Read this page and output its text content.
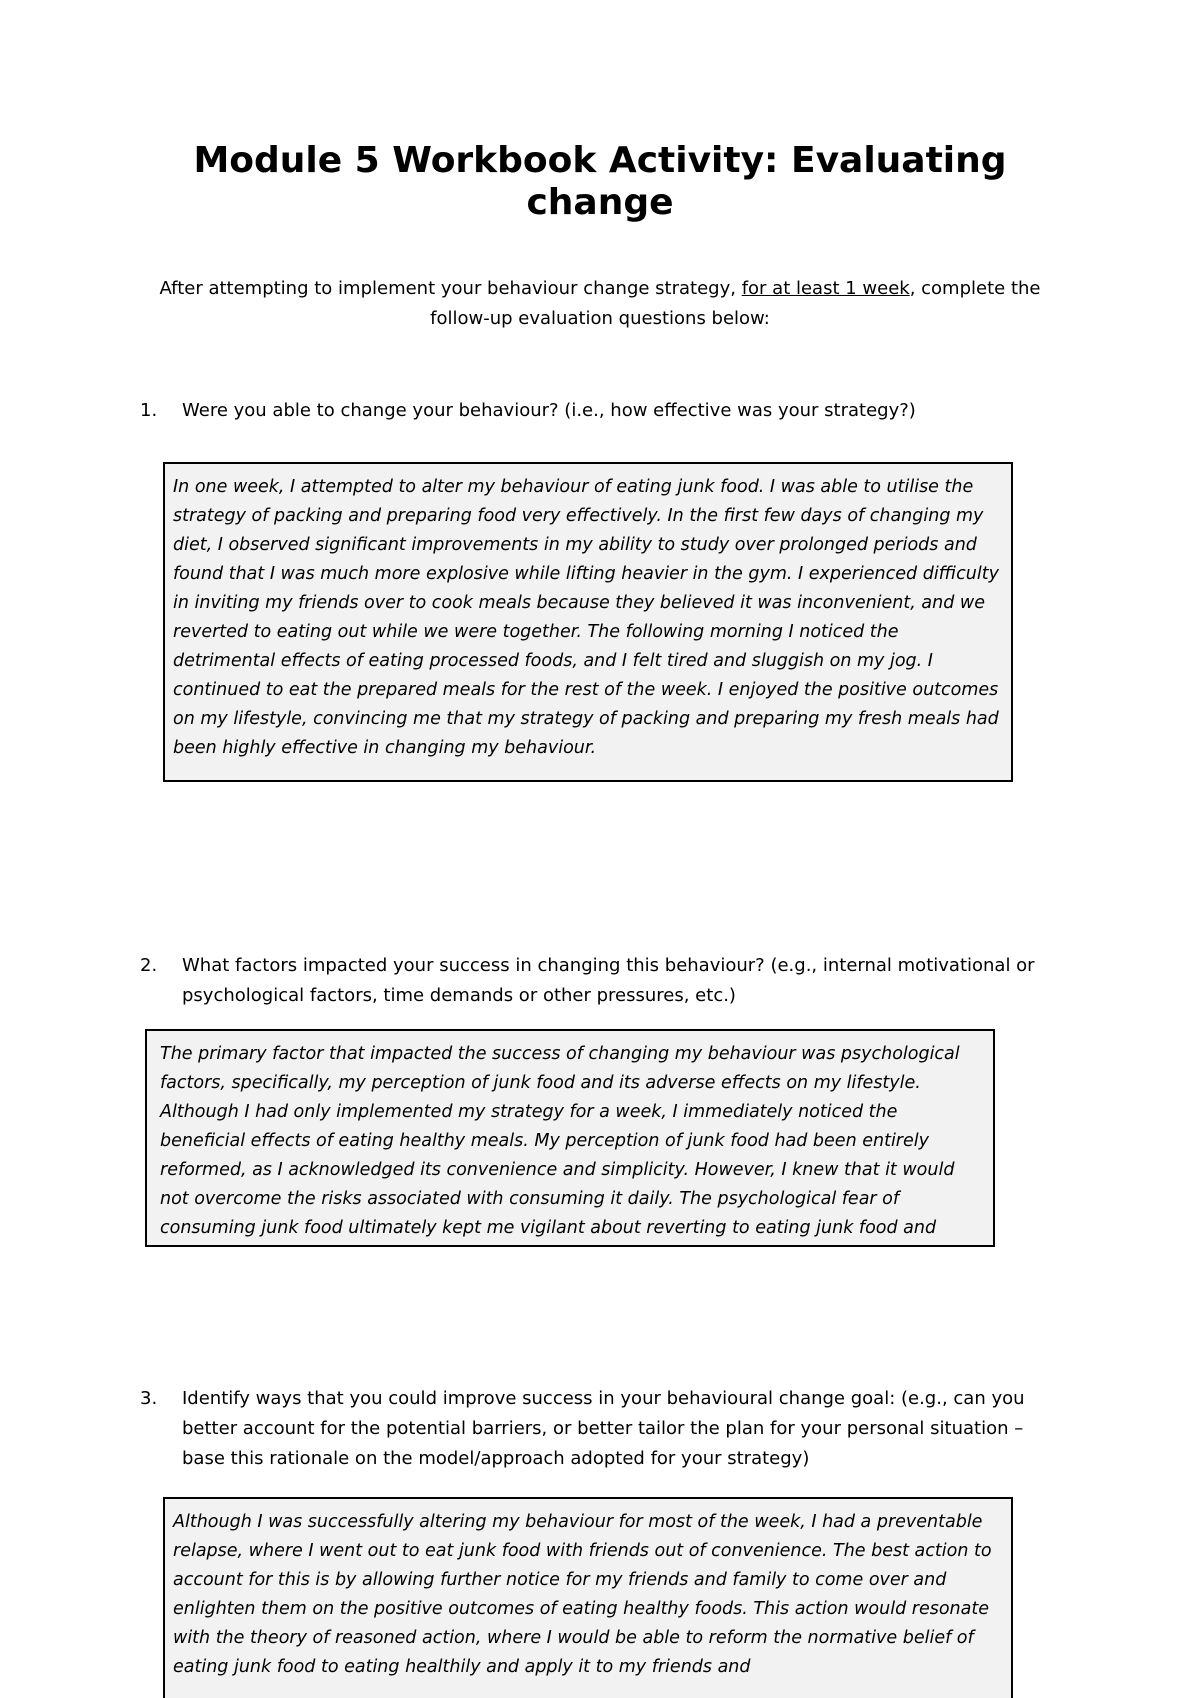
Module 5 Workbook Activity: Evaluating change
After attempting to implement your behaviour change strategy, for at least 1 week, complete the follow-up evaluation questions below:
1.	Were you able to change your behaviour? (i.e., how effective was your strategy?)
In one week, I attempted to alter my behaviour of eating junk food. I was able to utilise the strategy of packing and preparing food very effectively. In the first few days of changing my diet, I observed significant improvements in my ability to study over prolonged periods and found that I was much more explosive while lifting heavier in the gym. I experienced difficulty in inviting my friends over to cook meals because they believed it was inconvenient, and we reverted to eating out while we were together. The following morning I noticed the detrimental effects of eating processed foods, and I felt tired and sluggish on my jog. I continued to eat the prepared meals for the rest of the week. I enjoyed the positive outcomes on my lifestyle, convincing me that my strategy of packing and preparing my fresh meals had been highly effective in changing my behaviour.
2.	What factors impacted your success in changing this behaviour? (e.g., internal motivational or psychological factors, time demands or other pressures, etc.)
The primary factor that impacted the success of changing my behaviour was psychological factors, specifically, my perception of junk food and its adverse effects on my lifestyle. Although I had only implemented my strategy for a week, I immediately noticed the beneficial effects of eating healthy meals. My perception of junk food had been entirely reformed, as I acknowledged its convenience and simplicity. However, I knew that it would not overcome the risks associated with consuming it daily. The psychological fear of consuming junk food ultimately kept me vigilant about reverting to eating junk food and
3.	Identify ways that you could improve success in your behavioural change goal: (e.g., can you better account for the potential barriers, or better tailor the plan for your personal situation – base this rationale on the model/approach adopted for your strategy)
Although I was successfully altering my behaviour for most of the week, I had a preventable relapse, where I went out to eat junk food with friends out of convenience. The best action to account for this is by allowing further notice for my friends and family to come over and enlighten them on the positive outcomes of eating healthy foods. This action would resonate with the theory of reasoned action, where I would be able to reform the normative belief of eating junk food to eating healthily and apply it to my friends and
